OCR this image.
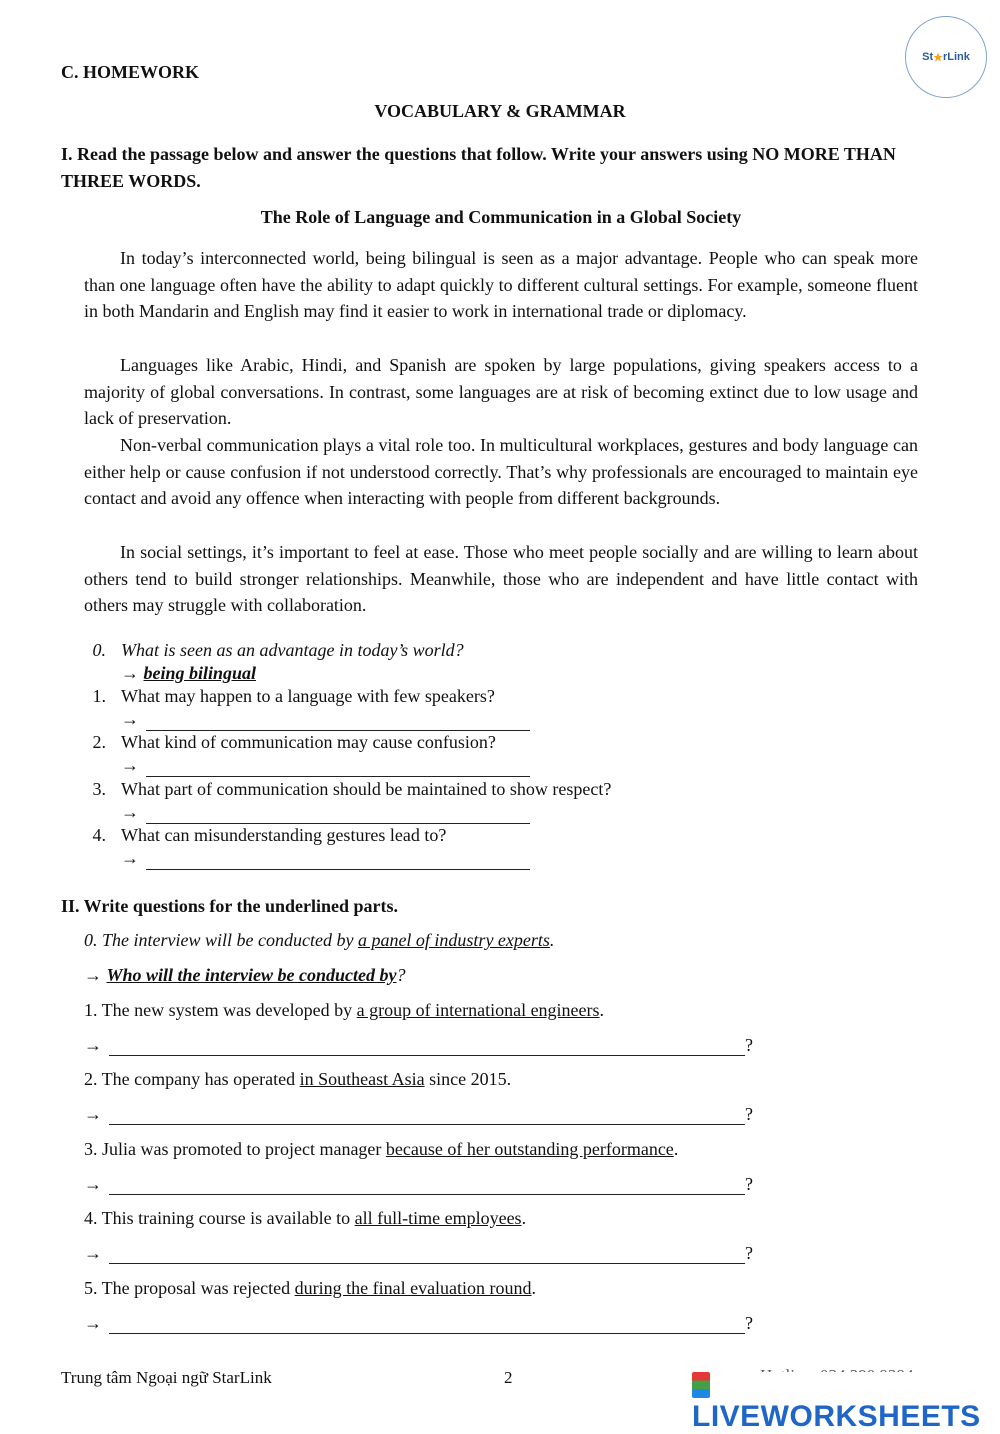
St ★ rLink
C. HOMEWORK
VOCABULARY & GRAMMAR
I. Read the passage below and answer the questions that follow. Write your answers using NO MORE THAN THREE WORDS.
The Role of Language and Communication in a Global Society

In today’s interconnected world, being bilingual is seen as a major advantage. People who can speak more than one language often have the ability to adapt quickly to different cultural settings. For example, someone fluent in both Mandarin and English may find it easier to work in international trade or diplomacy.

Languages like Arabic, Hindi, and Spanish are spoken by large populations, giving speakers access to a majority of global conversations. In contrast, some languages are at risk of becoming extinct due to low usage and lack of preservation.

Non-verbal communication plays a vital role too. In multicultural workplaces, gestures and body language can either help or cause confusion if not understood correctly. That’s why professionals are encouraged to maintain eye contact and avoid any offence when interacting with people from different backgrounds.

In social settings, it’s important to feel at ease. Those who meet people socially and are willing to learn about others tend to build stronger relationships. Meanwhile, those who are independent and have little contact with others may struggle with collaboration.

0. What is seen as an advantage in today’s world?
→ being bilingual
1. What may happen to a language with few speakers?
→
2. What kind of communication may cause confusion?
→
3. What part of communication should be maintained to show respect?
→
4. What can misunderstanding gestures lead to?
→
II. Write questions for the underlined parts.
0. The interview will be conducted by a panel of industry experts.
→ Who will the interview be conducted by?
1. The new system was developed by a group of international engineers.
→	?
2. The company has operated in Southeast Asia since 2015.
→	?
3. Julia was promoted to project manager because of her outstanding performance.
→	?
4. This training course is available to all full-time employees.
→	?
5. The proposal was rejected during the final evaluation round.
→	?
Trung tâm Ngoại ngữ StarLink	2
LIVEWORKSHEETS
